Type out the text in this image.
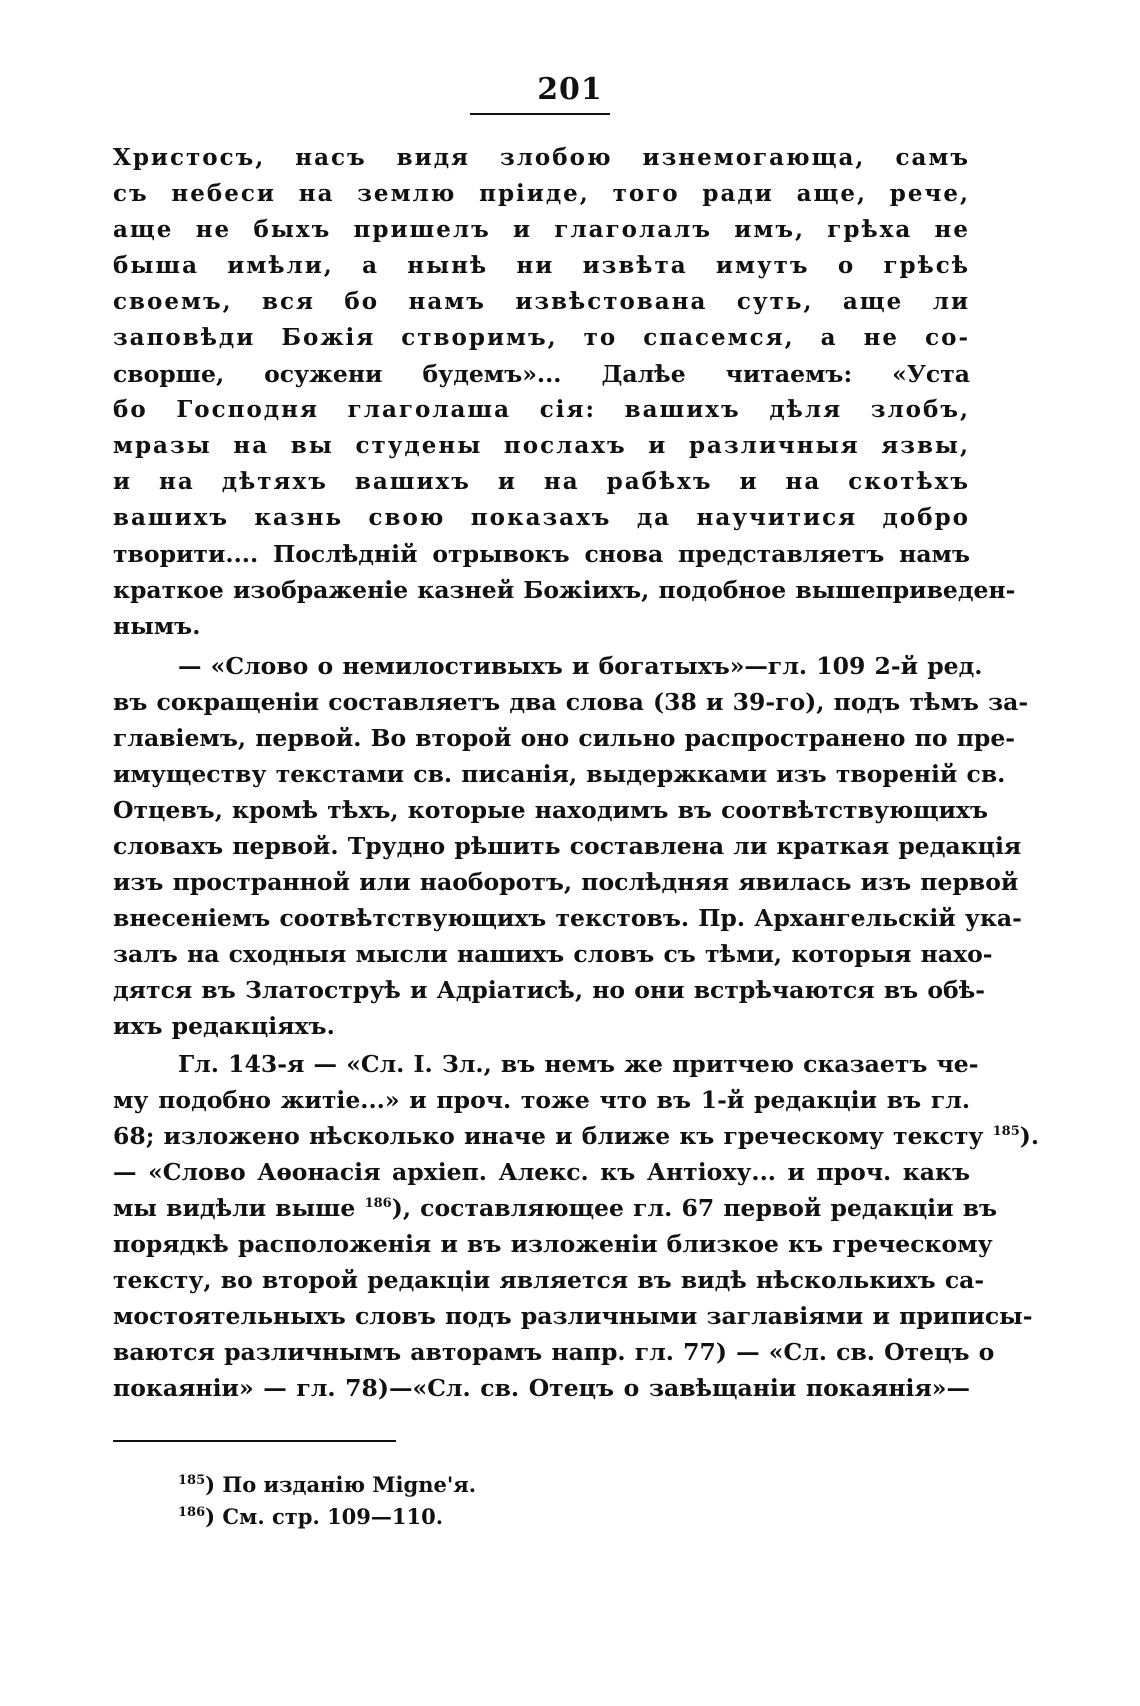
201
Христосъ, насъ видя злобою изнемогающа, самъ
съ небеси на землю пріиде, того ради аще, рече,
аще не быхъ пришелъ и глаголалъ имъ, грѣха не
быша имѣли, а нынѣ ни извѣта имутъ о грѣсѣ
своемъ, вся бо намъ извѣстована суть, аще ли
заповѣди Божія створимъ, то спасемся, а не со-
сворше, осужени будемъ»... Далѣе читаемъ: «Уста
бо Господня глаголаша сія: вашихъ дѣля злобъ,
мразы на вы студены послахъ и различныя язвы,
и на дѣтяхъ вашихъ и на рабѣхъ и на скотѣхъ
вашихъ казнь свою показахъ да научитися добро
творити.... Послѣдній отрывокъ снова представляетъ намъ
краткое изображеніе казней Божіихъ, подобное вышеприведен-
нымъ.
— «Слово о немилостивыхъ и богатыхъ»—гл. 109 2-й ред.
въ сокращеніи составляетъ два слова (38 и 39-го), подъ тѣмъ за-
главіемъ, первой. Во второй оно сильно распространено по пре-
имуществу текстами св. писанія, выдержками изъ твореній св.
Отцевъ, кромѣ тѣхъ, которые находимъ въ соотвѣтствующихъ
словахъ первой. Трудно рѣшить составлена ли краткая редакція
изъ пространной или наоборотъ, послѣдняя явилась изъ первой
внесеніемъ соотвѣтствующихъ текстовъ. Пр. Архангельскій ука-
залъ на сходныя мысли нашихъ словъ съ тѣми, которыя нахо-
дятся въ Златоструѣ и Адріатисѣ, но они встрѣчаются въ обѣ-
ихъ редакціяхъ.
Гл. 143-я — «Сл. I. Зл., въ немъ же притчею сказаетъ че-
му подобно житіе...» и проч. тоже что въ 1-й редакціи въ гл.
68; изложено нѣсколько иначе и ближе къ греческому тексту $^{185}$).
— «Слово Аѳонасія архіеп. Алекс. къ Антіоху... и проч. какъ
мы видѣли выше $^{186}$), составляющее гл. 67 первой редакціи въ
порядкѣ расположенія и въ изложеніи близкое къ греческому
тексту, во второй редакціи является въ видѣ нѣсколькихъ са-
мостоятельныхъ словъ подъ различными заглавіями и приписы-
ваются различнымъ авторамъ напр. гл. 77) — «Сл. св. Отецъ о
покаяніи» — гл. 78)—«Сл. св. Отецъ о завѣщаніи покаянія»—
$^{185}$) По изданію Migne'я.
$^{186}$) См. стр. 109—110.
